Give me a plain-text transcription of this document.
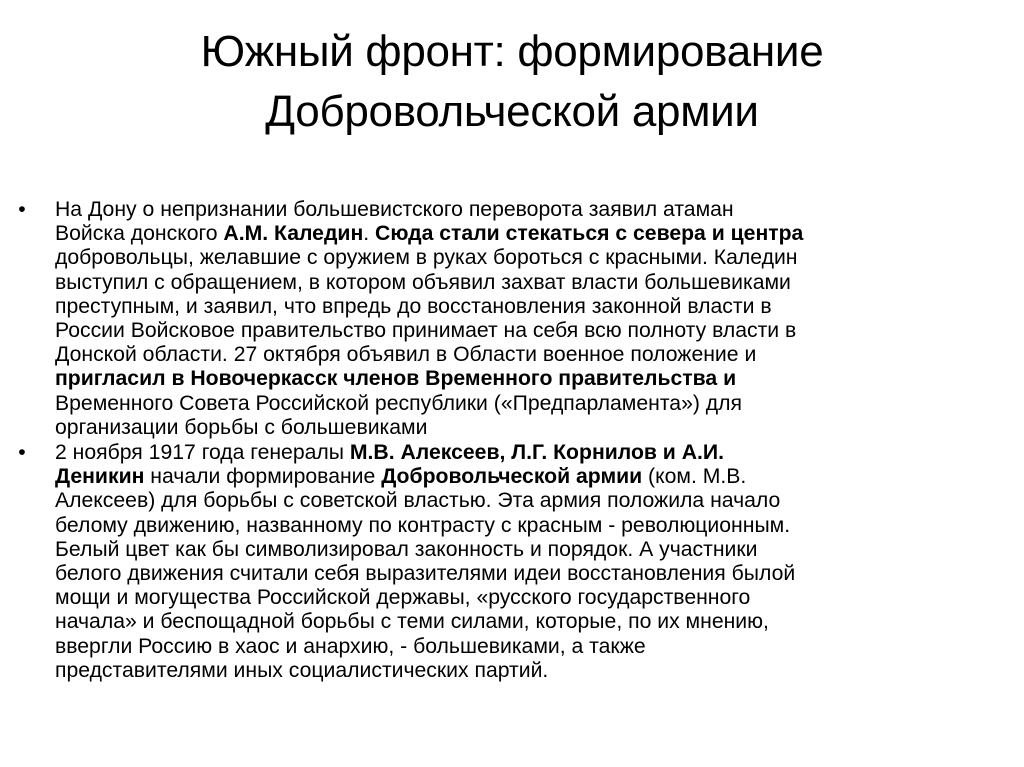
Южный фронт: формирование
Добровольческой армии
• На Дону о непризнании большевистского переворота заявил атаман
Войска донского А.М. Каледин. Сюда стали стекаться с севера и центра
добровольцы, желавшие с оружием в руках бороться с красными. Каледин
выступил с обращением, в котором объявил захват власти большевиками
преступным, и заявил, что впредь до восстановления законной власти в
России Войсковое правительство принимает на себя всю полноту власти в
Донской области. 27 октября объявил в Области военное положение и
пригласил в Новочеркасск членов Временного правительства и
Временного Совета Российской республики («Предпарламента») для
организации борьбы с большевиками
• 2 ноября 1917 года генералы М.В. Алексеев, Л.Г. Корнилов и А.И.
Деникин начали формирование Добровольческой армии (ком. М.В.
Алексеев) для борьбы с советской властью. Эта армия положила начало
белому движению, названному по контрасту с красным - революционным.
Белый цвет как бы символизировал законность и порядок. А участники
белого движения считали себя выразителями идеи восстановления былой
мощи и могущества Российской державы, «русского государственного
начала» и беспощадной борьбы с теми силами, которые, по их мнению,
ввергли Россию в хаос и анархию, - большевиками, а также
представителями иных социалистических партий.
